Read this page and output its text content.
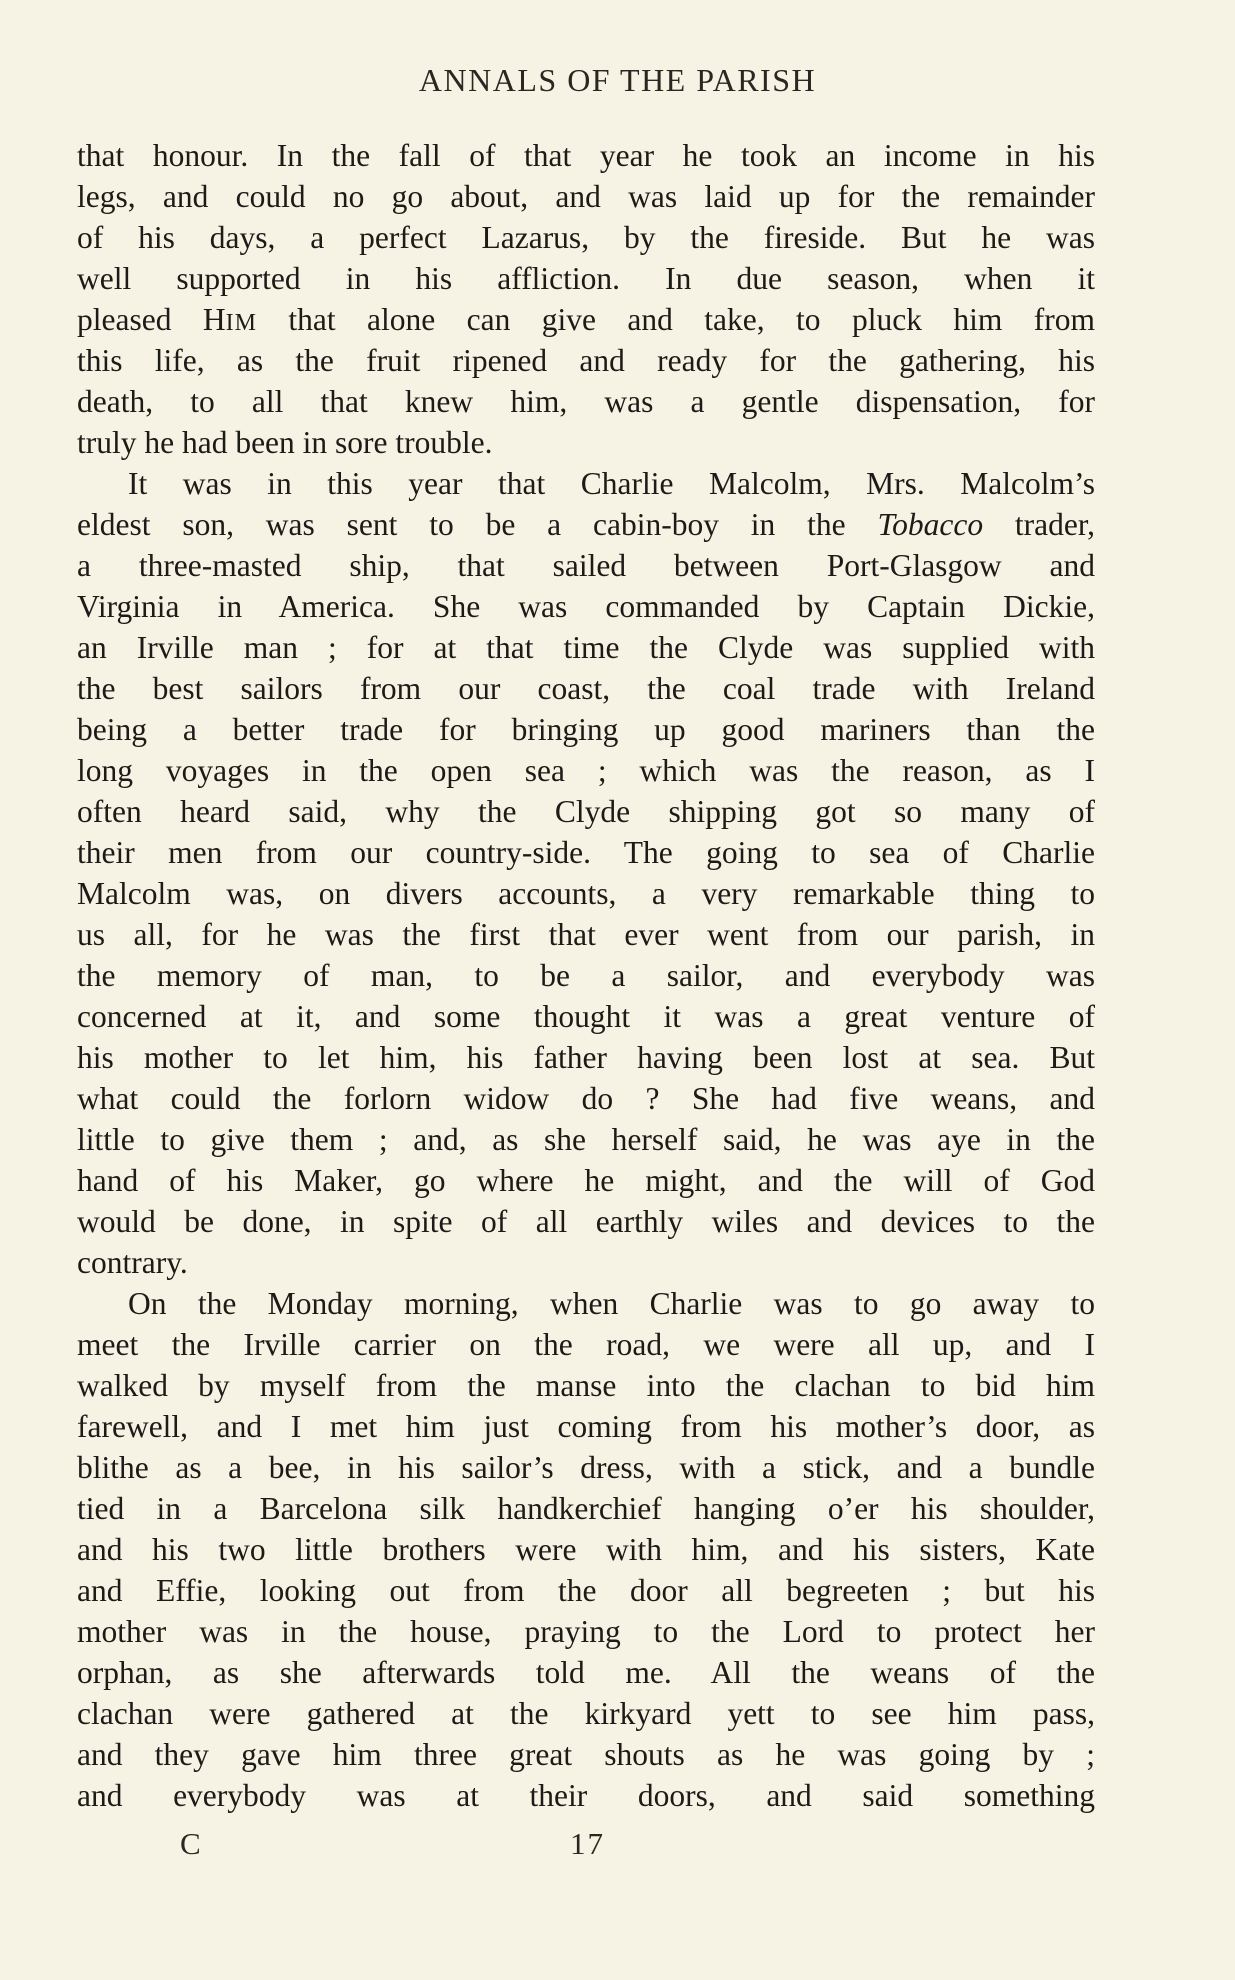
ANNALS OF THE PARISH
that honour. In the fall of that year he took an income in his
legs, and could no go about, and was laid up for the remainder
of his days, a perfect Lazarus, by the fireside. But he was
well supported in his affliction. In due season, when it
pleased HIM that alone can give and take, to pluck him from
this life, as the fruit ripened and ready for the gathering, his
death, to all that knew him, was a gentle dispensation, for
truly he had been in sore trouble.
It was in this year that Charlie Malcolm, Mrs. Malcolm’s
eldest son, was sent to be a cabin-boy in the Tobacco trader,
a three-masted ship, that sailed between Port-Glasgow and
Virginia in America. She was commanded by Captain Dickie,
an Irville man ; for at that time the Clyde was supplied with
the best sailors from our coast, the coal trade with Ireland
being a better trade for bringing up good mariners than the
long voyages in the open sea ; which was the reason, as I
often heard said, why the Clyde shipping got so many of
their men from our country-side. The going to sea of Charlie
Malcolm was, on divers accounts, a very remarkable thing to
us all, for he was the first that ever went from our parish, in
the memory of man, to be a sailor, and everybody was
concerned at it, and some thought it was a great venture of
his mother to let him, his father having been lost at sea. But
what could the forlorn widow do ? She had five weans, and
little to give them ; and, as she herself said, he was aye in the
hand of his Maker, go where he might, and the will of God
would be done, in spite of all earthly wiles and devices to the
contrary.
On the Monday morning, when Charlie was to go away to
meet the Irville carrier on the road, we were all up, and I
walked by myself from the manse into the clachan to bid him
farewell, and I met him just coming from his mother’s door, as
blithe as a bee, in his sailor’s dress, with a stick, and a bundle
tied in a Barcelona silk handkerchief hanging o’er his shoulder,
and his two little brothers were with him, and his sisters, Kate
and Effie, looking out from the door all begreeten ; but his
mother was in the house, praying to the Lord to protect her
orphan, as she afterwards told me. All the weans of the
clachan were gathered at the kirkyard yett to see him pass,
and they gave him three great shouts as he was going by ;
and everybody was at their doors, and said something
C	17
